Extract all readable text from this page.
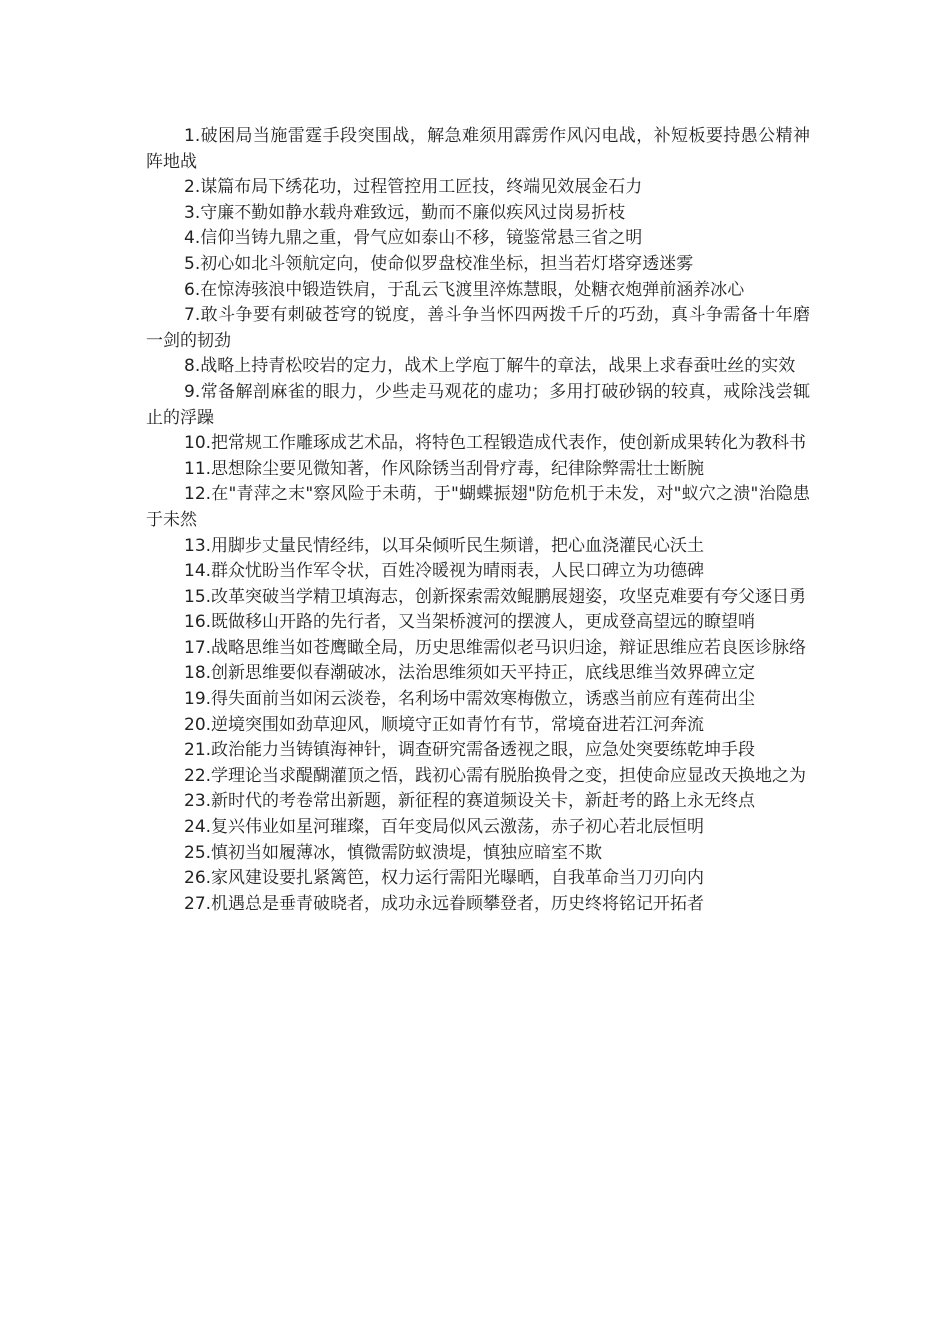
1.破困局当施雷霆手段突围战，解急难须用霹雳作风闪电战，补短板要持愚公精神阵地战

2.谋篇布局下绣花功，过程管控用工匠技，终端见效展金石力

3.守廉不勤如静水载舟难致远，勤而不廉似疾风过岗易折枝

4.信仰当铸九鼎之重，骨气应如泰山不移，镜鉴常悬三省之明

5.初心如北斗领航定向，使命似罗盘校准坐标，担当若灯塔穿透迷雾

6.在惊涛骇浪中锻造铁肩，于乱云飞渡里淬炼慧眼，处糖衣炮弹前涵养冰心

7.敢斗争要有刺破苍穹的锐度，善斗争当怀四两拨千斤的巧劲，真斗争需备十年磨一剑的韧劲

8.战略上持青松咬岩的定力，战术上学庖丁解牛的章法，战果上求春蚕吐丝的实效

9.常备解剖麻雀的眼力，少些走马观花的虚功；多用打破砂锅的较真，戒除浅尝辄止的浮躁

10.把常规工作雕琢成艺术品，将特色工程锻造成代表作，使创新成果转化为教科书

11.思想除尘要见微知著，作风除锈当刮骨疗毒，纪律除弊需壮士断腕

12.在"青萍之末"察风险于未萌，于"蝴蝶振翅"防危机于未发，对"蚁穴之溃"治隐患于未然

13.用脚步丈量民情经纬，以耳朵倾听民生频谱，把心血浇灌民心沃土

14.群众忧盼当作军令状，百姓冷暖视为晴雨表，人民口碑立为功德碑

15.改革突破当学精卫填海志，创新探索需效鲲鹏展翅姿，攻坚克难要有夸父逐日勇

16.既做移山开路的先行者，又当架桥渡河的摆渡人，更成登高望远的瞭望哨

17.战略思维当如苍鹰瞰全局，历史思维需似老马识归途，辩证思维应若良医诊脉络

18.创新思维要似春潮破冰，法治思维须如天平持正，底线思维当效界碑立定

19.得失面前当如闲云淡卷，名利场中需效寒梅傲立，诱惑当前应有莲荷出尘

20.逆境突围如劲草迎风，顺境守正如青竹有节，常境奋进若江河奔流

21.政治能力当铸镇海神针，调查研究需备透视之眼，应急处突要练乾坤手段

22.学理论当求醍醐灌顶之悟，践初心需有脱胎换骨之变，担使命应显改天换地之为

23.新时代的考卷常出新题，新征程的赛道频设关卡，新赶考的路上永无终点

24.复兴伟业如星河璀璨，百年变局似风云激荡，赤子初心若北辰恒明

25.慎初当如履薄冰，慎微需防蚁溃堤，慎独应暗室不欺

26.家风建设要扎紧篱笆，权力运行需阳光曝晒，自我革命当刀刃向内

27.机遇总是垂青破晓者，成功永远眷顾攀登者，历史终将铭记开拓者
